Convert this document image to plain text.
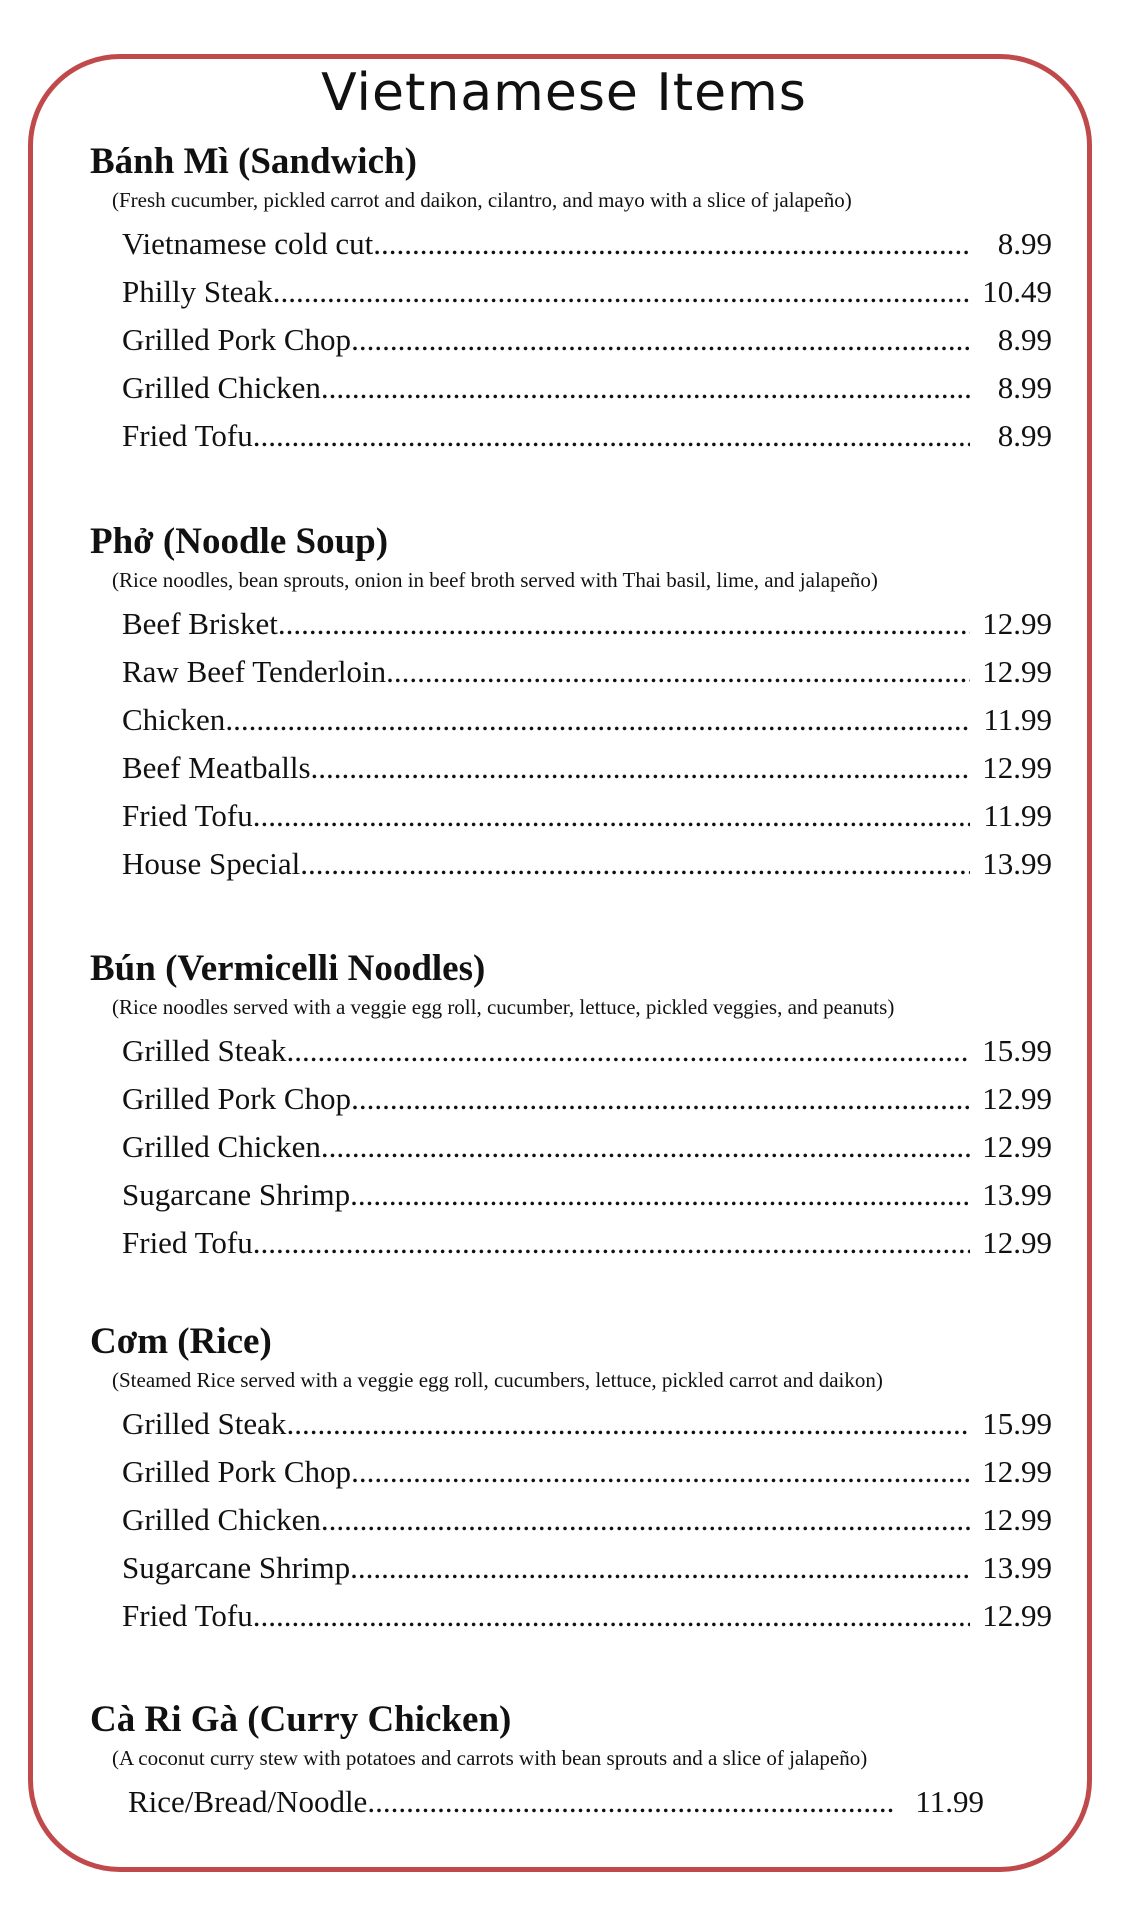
Vietnamese Items
Bánh Mì (Sandwich)
(Fresh cucumber, pickled carrot and daikon, cilantro, and mayo with a slice of jalapeño)
Vietnamese cold cut .....	8.99
Philly Steak .....	10.49
Grilled Pork Chop .....	8.99
Grilled Chicken .....	8.99
Fried Tofu .....	8.99
Phở (Noodle Soup)
(Rice noodles, bean sprouts, onion in beef broth served with Thai basil, lime, and jalapeño)
Beef Brisket .....	12.99
Raw Beef Tenderloin .....	12.99
Chicken .....	11.99
Beef Meatballs .....	12.99
Fried Tofu .....	11.99
House Special .....	13.99
Bún (Vermicelli Noodles)
(Rice noodles served with a veggie egg roll, cucumber, lettuce, pickled veggies, and peanuts)
Grilled Steak .....	15.99
Grilled Pork Chop .....	12.99
Grilled Chicken .....	12.99
Sugarcane Shrimp .....	13.99
Fried Tofu .....	12.99
Cơm (Rice)
(Steamed Rice served with a veggie egg roll, cucumbers, lettuce, pickled carrot and daikon)
Grilled Steak .....	15.99
Grilled Pork Chop .....	12.99
Grilled Chicken .....	12.99
Sugarcane Shrimp .....	13.99
Fried Tofu .....	12.99
Cà Ri Gà (Curry Chicken)
(A coconut curry stew with potatoes and carrots with bean sprouts and a slice of jalapeño)
Rice/Bread/Noodle .....	11.99
